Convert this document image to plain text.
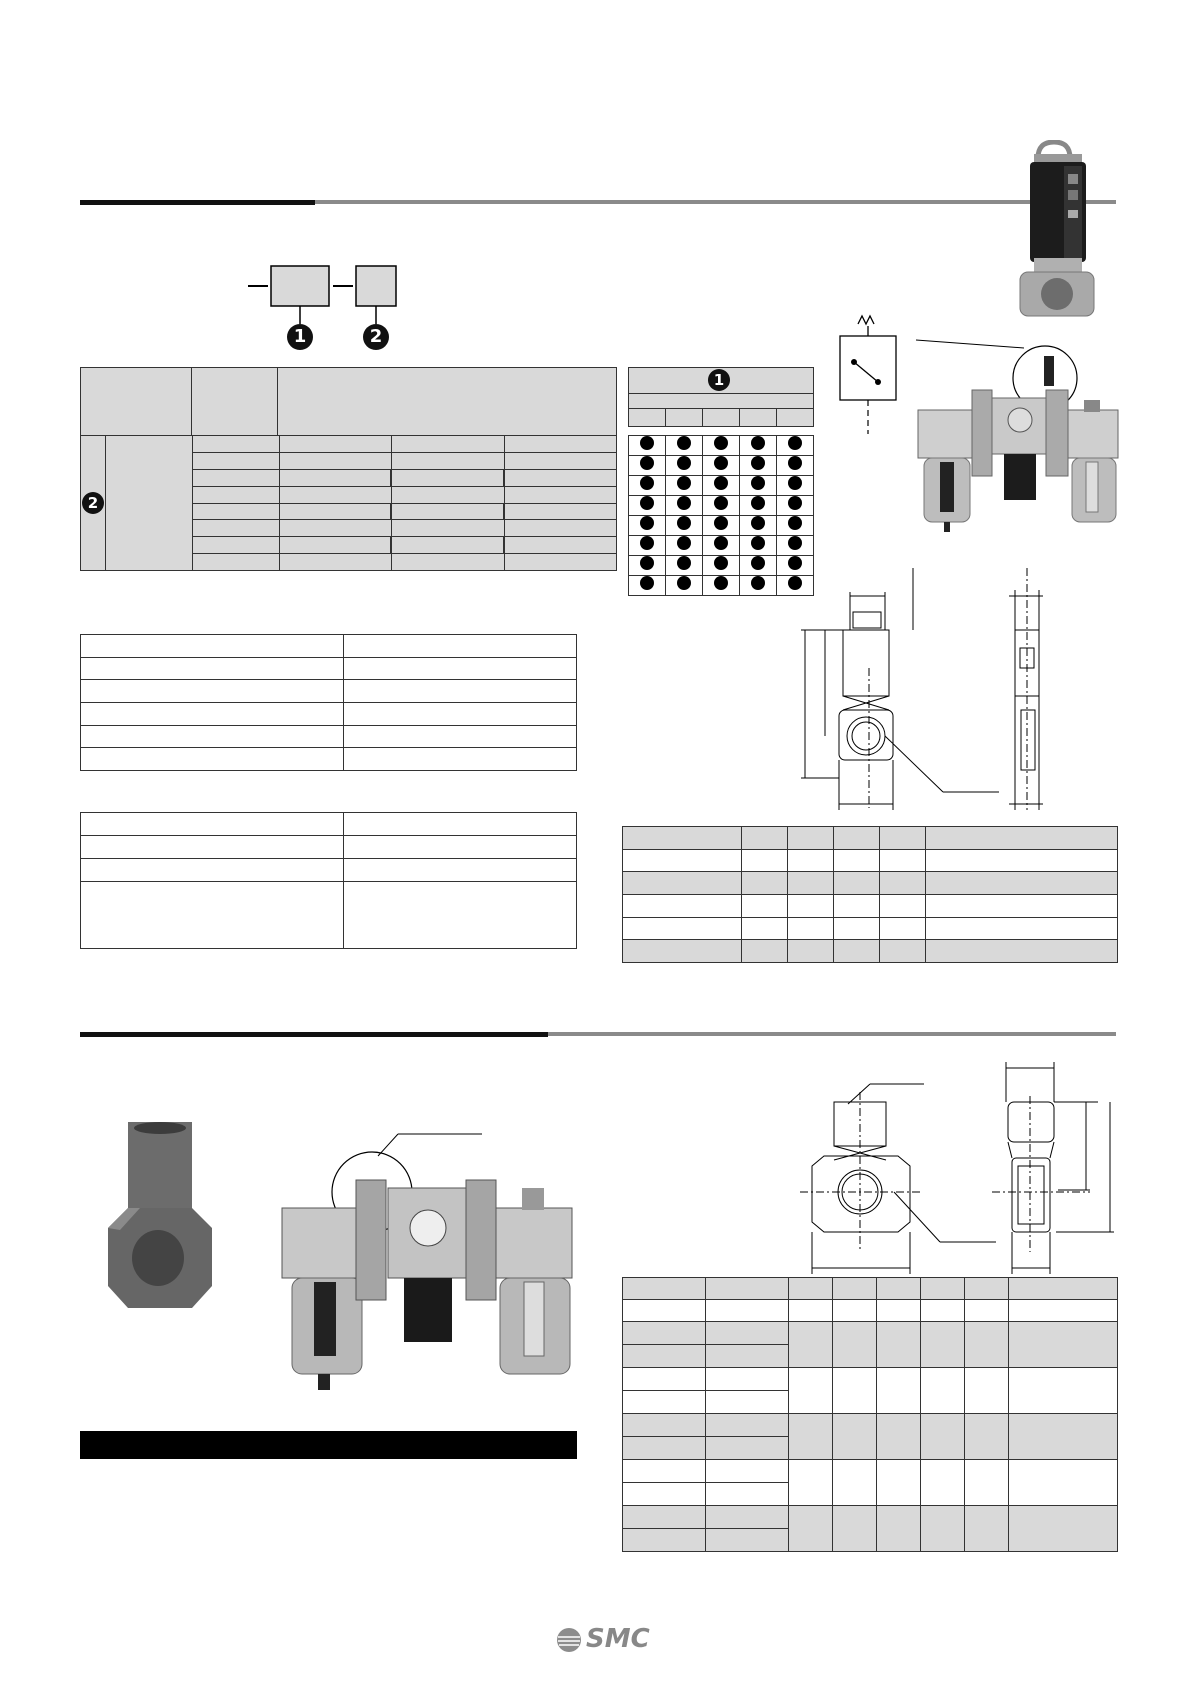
1	2

2

1

SMC
